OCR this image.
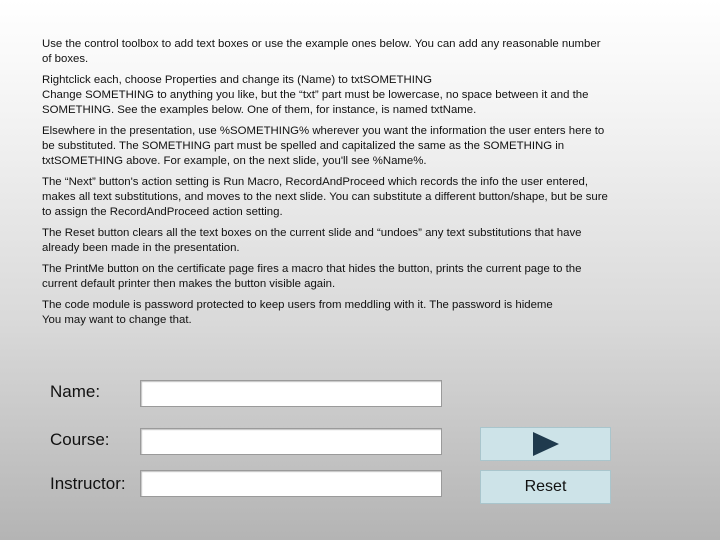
Use the control toolbox to add text boxes or use the example ones below. You can add any reasonable number
of boxes.

Rightclick each, choose Properties and change its (Name) to txtSOMETHING
Change SOMETHING to anything you like, but the “txt” part must be lowercase, no space between it and the
SOMETHING. See the examples below. One of them, for instance, is named txtName.

Elsewhere in the presentation, use %SOMETHING% wherever you want the information the user enters here to
be substituted. The SOMETHING part must be spelled and capitalized the same as the SOMETHING in
txtSOMETHING above. For example, on the next slide, you'll see %Name%.

The “Next” button's action setting is Run Macro, RecordAndProceed which records the info the user entered,
makes all text substitutions, and moves to the next slide. You can substitute a different button/shape, but be sure
to assign the RecordAndProceed action setting.

The Reset button clears all the text boxes on the current slide and “undoes” any text substitutions that have
already been made in the presentation.

The PrintMe button on the certificate page fires a macro that hides the button, prints the current page to the
current default printer then makes the button visible again.

The code module is password protected to keep users from meddling with it. The password is hideme
You may want to change that.

Name:
Course:
Instructor:	Reset
